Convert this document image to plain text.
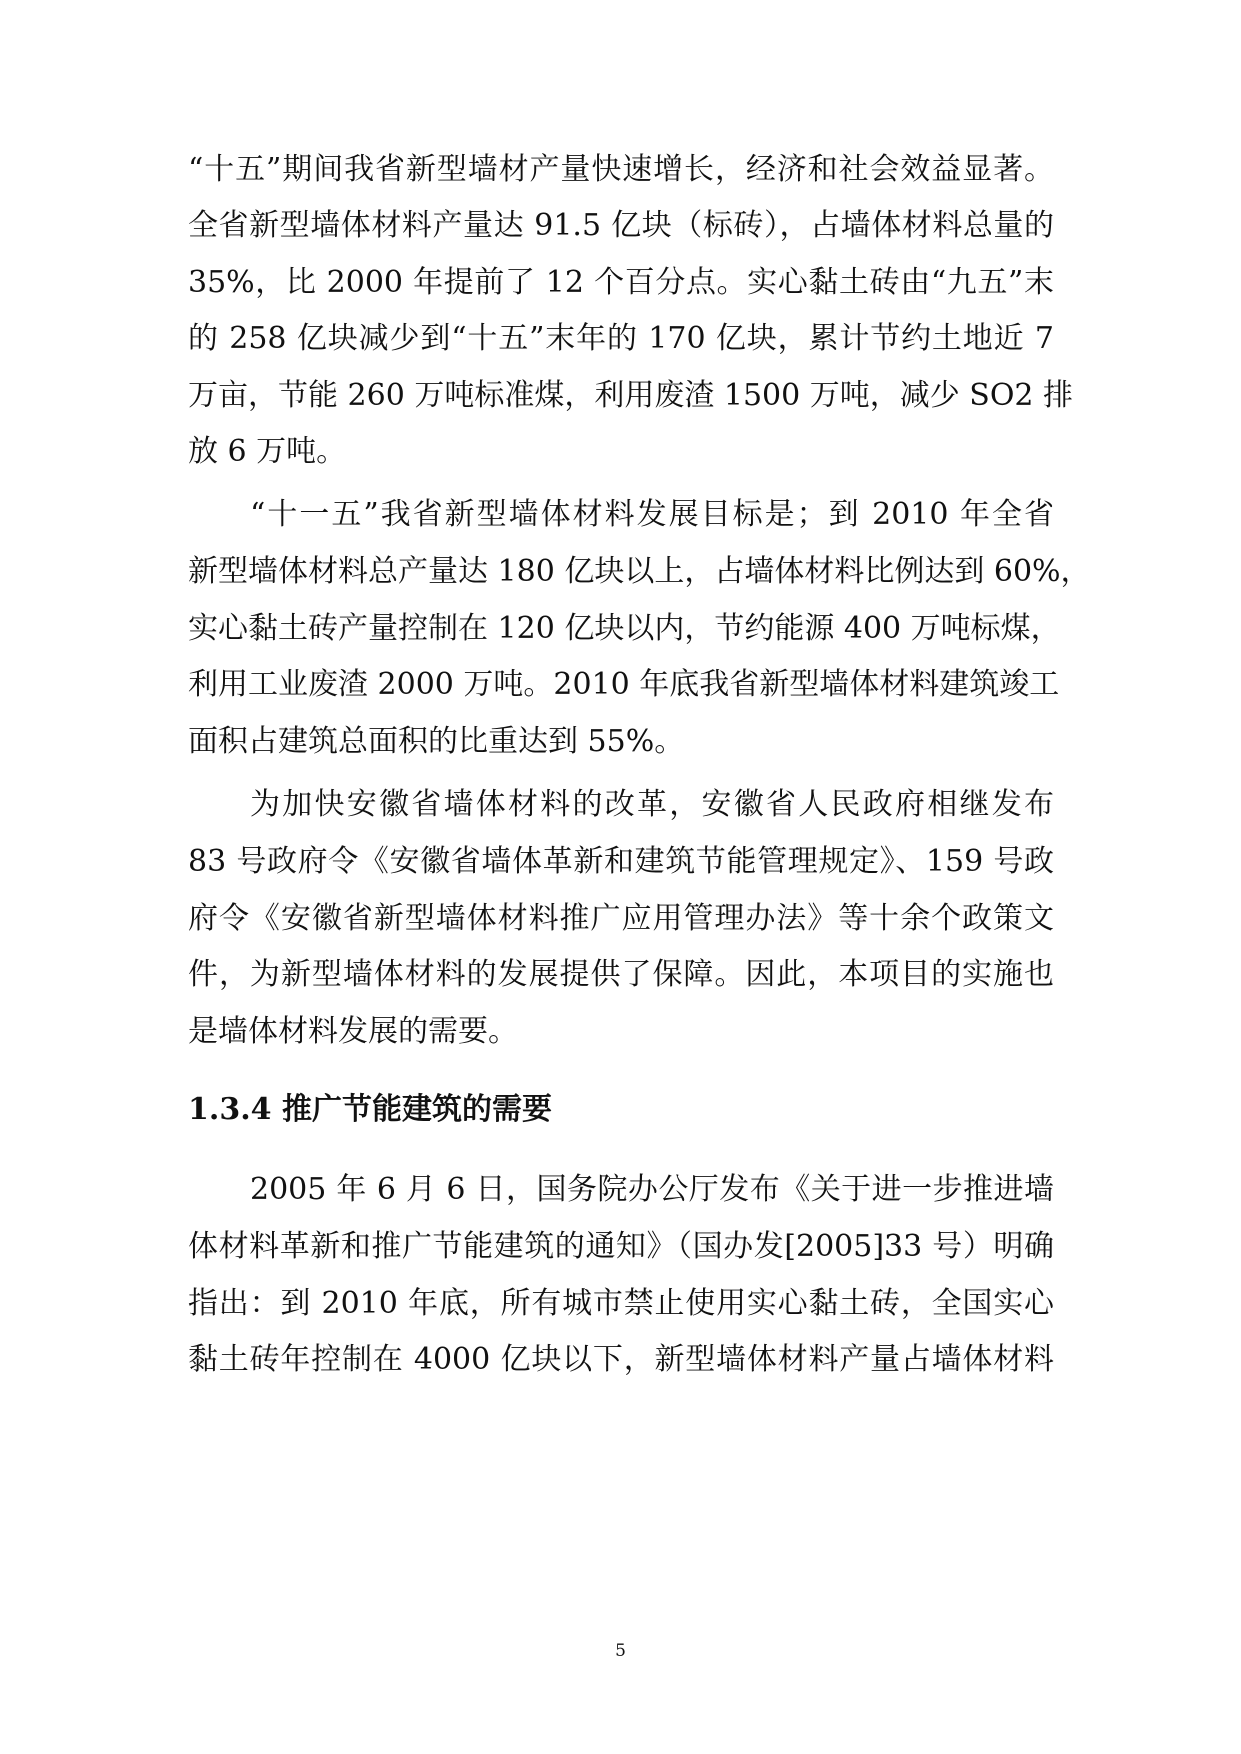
“十五”期间我省新型墙材产量快速增长，经济和社会效益显著。
全省新型墙体材料产量达 91.5 亿块（标砖），占墙体材料总量的
35%，比 2000 年提前了 12 个百分点。实心黏土砖由“九五”末
的 258 亿块减少到“十五”末年的 170 亿块，累计节约土地近 7
万亩，节能 260 万吨标准煤，利用废渣 1500 万吨，减少 SO2 排
放 6 万吨。
“十一五”我省新型墙体材料发展目标是；到 2010 年全省
新型墙体材料总产量达 180 亿块以上，占墙体材料比例达到 60%，
实心黏土砖产量控制在 120 亿块以内，节约能源 400 万吨标煤，
利用工业废渣 2000 万吨。2010 年底我省新型墙体材料建筑竣工
面积占建筑总面积的比重达到 55%。
为加快安徽省墙体材料的改革，安徽省人民政府相继发布
83 号政府令《安徽省墙体革新和建筑节能管理规定》、159 号政
府令《安徽省新型墙体材料推广应用管理办法》等十余个政策文
件，为新型墙体材料的发展提供了保障。因此，本项目的实施也
是墙体材料发展的需要。
1.3.4 推广节能建筑的需要
2005 年 6 月 6 日，国务院办公厅发布《关于进一步推进墙
体材料革新和推广节能建筑的通知》（国办发[2005]33 号）明确
指出：到 2010 年底，所有城市禁止使用实心黏土砖，全国实心
黏土砖年控制在 4000 亿块以下，新型墙体材料产量占墙体材料
5
